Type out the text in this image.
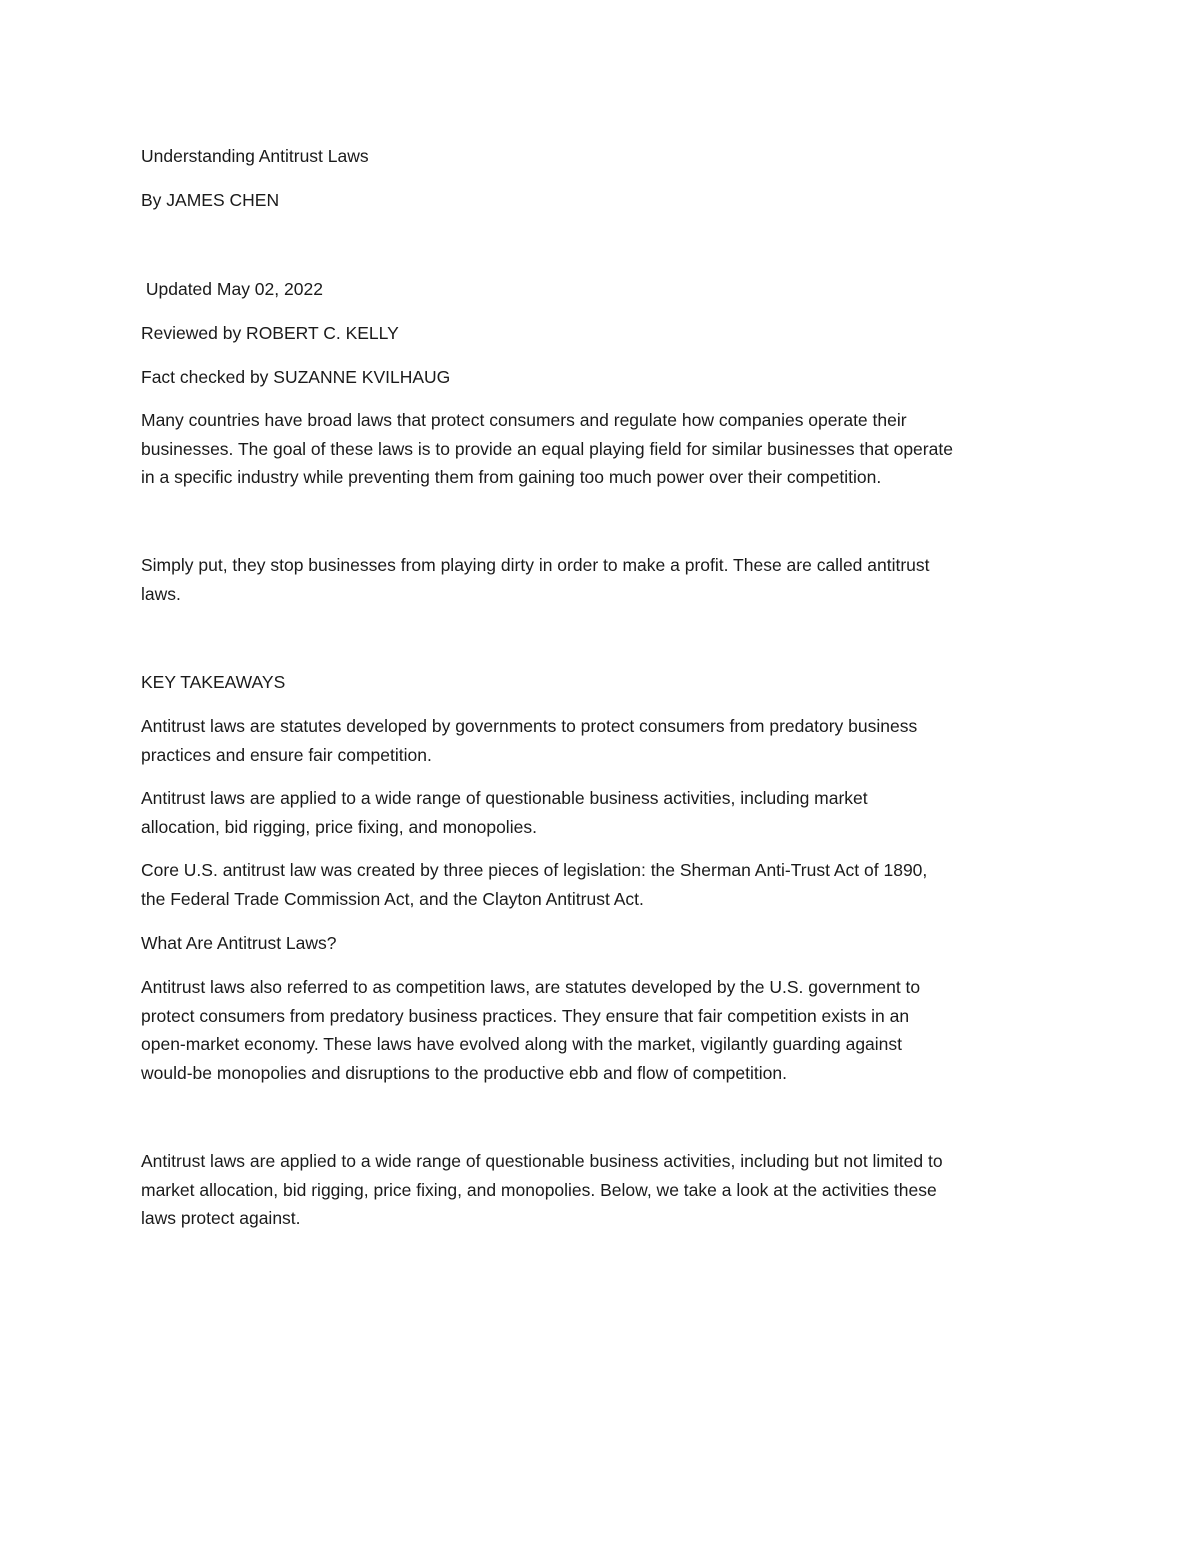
Understanding Antitrust Laws

By JAMES CHEN

Updated May 02, 2022

Reviewed by ROBERT C. KELLY

Fact checked by SUZANNE KVILHAUG

Many countries have broad laws that protect consumers and regulate how companies operate their
businesses. The goal of these laws is to provide an equal playing field for similar businesses that operate
in a specific industry while preventing them from gaining too much power over their competition.
Simply put, they stop businesses from playing dirty in order to make a profit. These are called antitrust
laws.

KEY TAKEAWAYS

Antitrust laws are statutes developed by governments to protect consumers from predatory business
practices and ensure fair competition.
Antitrust laws are applied to a wide range of questionable business activities, including market
allocation, bid rigging, price fixing, and monopolies.
Core U.S. antitrust law was created by three pieces of legislation: the Sherman Anti-Trust Act of 1890,
the Federal Trade Commission Act, and the Clayton Antitrust Act.

What Are Antitrust Laws?

Antitrust laws also referred to as competition laws, are statutes developed by the U.S. government to
protect consumers from predatory business practices. They ensure that fair competition exists in an
open-market economy. These laws have evolved along with the market, vigilantly guarding against
would-be monopolies and disruptions to the productive ebb and flow of competition.
Antitrust laws are applied to a wide range of questionable business activities, including but not limited to
market allocation, bid rigging, price fixing, and monopolies. Below, we take a look at the activities these
laws protect against.
